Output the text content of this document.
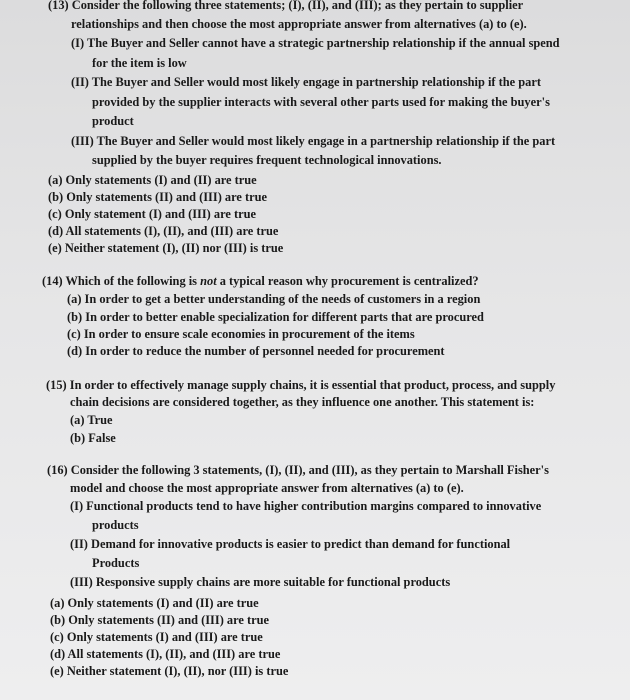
(13) Consider the following three statements; (I), (II), and (III); as they pertain to supplier
relationships and then choose the most appropriate answer from alternatives (a) to (e).
(I) The Buyer and Seller cannot have a strategic partnership relationship if the annual spend
for the item is low
(II) The Buyer and Seller would most likely engage in partnership relationship if the part
provided by the supplier interacts with several other parts used for making the buyer's
product
(III) The Buyer and Seller would most likely engage in a partnership relationship if the part
supplied by the buyer requires frequent technological innovations.
(a) Only statements (I) and (II) are true
(b) Only statements (II) and (III) are true
(c) Only statement (I) and (III) are true
(d) All statements (I), (II), and (III) are true
(e) Neither statement (I), (II) nor (III) is true
(14) Which of the following is not a typical reason why procurement is centralized?
(a) In order to get a better understanding of the needs of customers in a region
(b) In order to better enable specialization for different parts that are procured
(c) In order to ensure scale economies in procurement of the items
(d) In order to reduce the number of personnel needed for procurement
(15) In order to effectively manage supply chains, it is essential that product, process, and supply
chain decisions are considered together, as they influence one another. This statement is:
(a) True
(b) False
(16) Consider the following 3 statements, (I), (II), and (III), as they pertain to Marshall Fisher's
model and choose the most appropriate answer from alternatives (a) to (e).
(I) Functional products tend to have higher contribution margins compared to innovative
products
(II) Demand for innovative products is easier to predict than demand for functional
Products
(III) Responsive supply chains are more suitable for functional products
(a) Only statements (I) and (II) are true
(b) Only statements (II) and (III) are true
(c) Only statements (I) and (III) are true
(d) All statements (I), (II), and (III) are true
(e) Neither statement (I), (II), nor (III) is true
